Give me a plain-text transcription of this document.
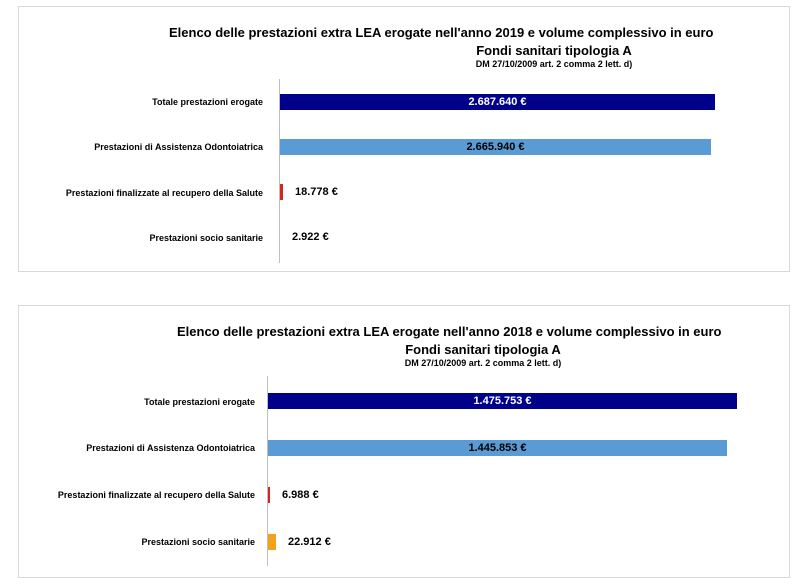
Elenco delle prestazioni extra LEA erogate nell'anno 2019 e volume complessivo in euro
Fondi sanitari tipologia A
DM 27/10/2009 art. 2 comma 2 lett. d)
Totale prestazioni erogate
Prestazioni di Assistenza Odontoiatrica
Prestazioni finalizzate al recupero della Salute
Prestazioni socio sanitarie
2.687.640 €
2.665.940 €
18.778 €
2.922 €
Elenco delle prestazioni extra LEA erogate nell'anno 2018 e volume complessivo in euro
Fondi sanitari tipologia A
DM 27/10/2009 art. 2 comma 2 lett. d)
Totale prestazioni erogate
Prestazioni di Assistenza Odontoiatrica
Prestazioni finalizzate al recupero della Salute
Prestazioni socio sanitarie
1.475.753 €
1.445.853 €
6.988 €
22.912 €
